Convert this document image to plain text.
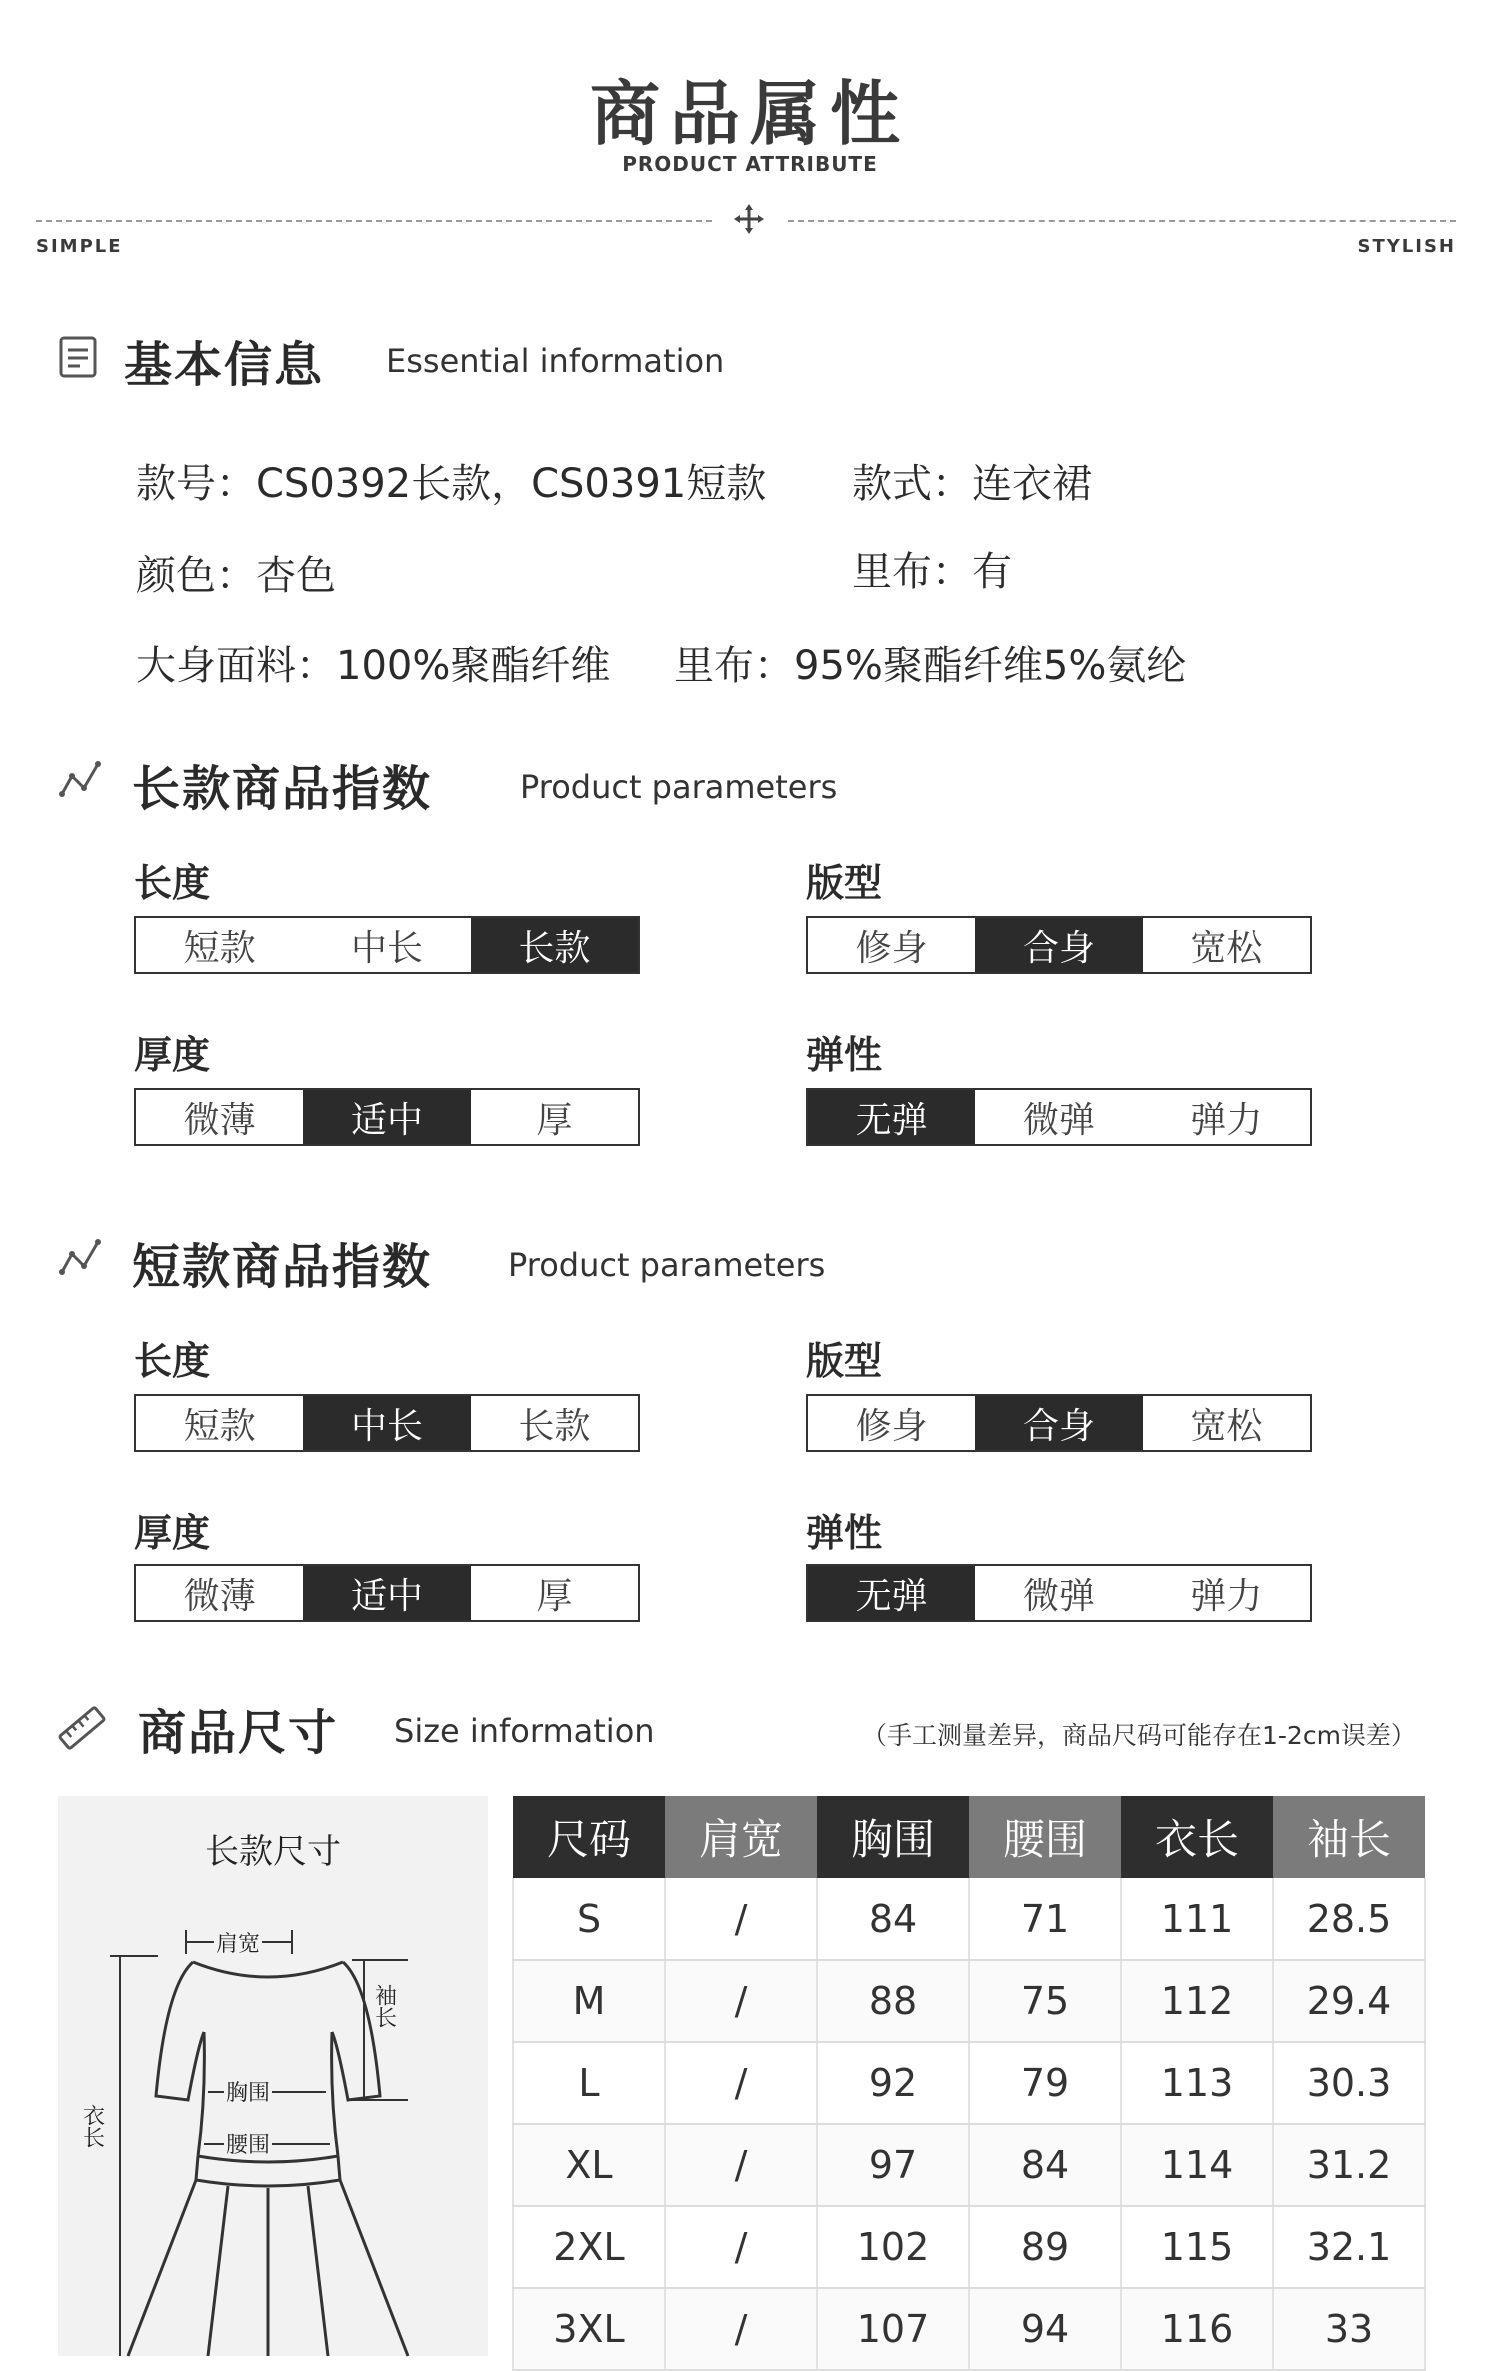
商品属性
PRODUCT ATTRIBUTE
SIMPLE	STYLISH
基本信息 Essential information
款号：CS0392长款，CS0391短款 款式：连衣裙
颜色：杏色	里布：有
大身面料：100%聚酯纤维 里布：95%聚酯纤维5%氨纶
长款商品指数	Product parameters
长度
短款	中长	长款
版型
修身	合身	宽松
厚度
微薄	适中	厚
弹性
无弹	微弹	弹力
短款商品指数 Product parameters
长度
短款	中长	长款
版型
修身	合身	宽松
厚度
微薄	适中	厚
弹性
无弹	微弹	弹力
商品尺寸 Size information	（手工测量差异，商品尺码可能存在1-2cm误差）
长款尺寸
肩宽
胸围
腰围
衣长
袖长
尺码	肩宽	胸围	腰围	衣长	袖长
S	/	84	71	111	28.5
M	/	88	75	112	29.4
L	/	92	79	113	30.3
XL	/	97	84	114	31.2
2XL	/	102	89	115	32.1
3XL	/	107	94	116	33
